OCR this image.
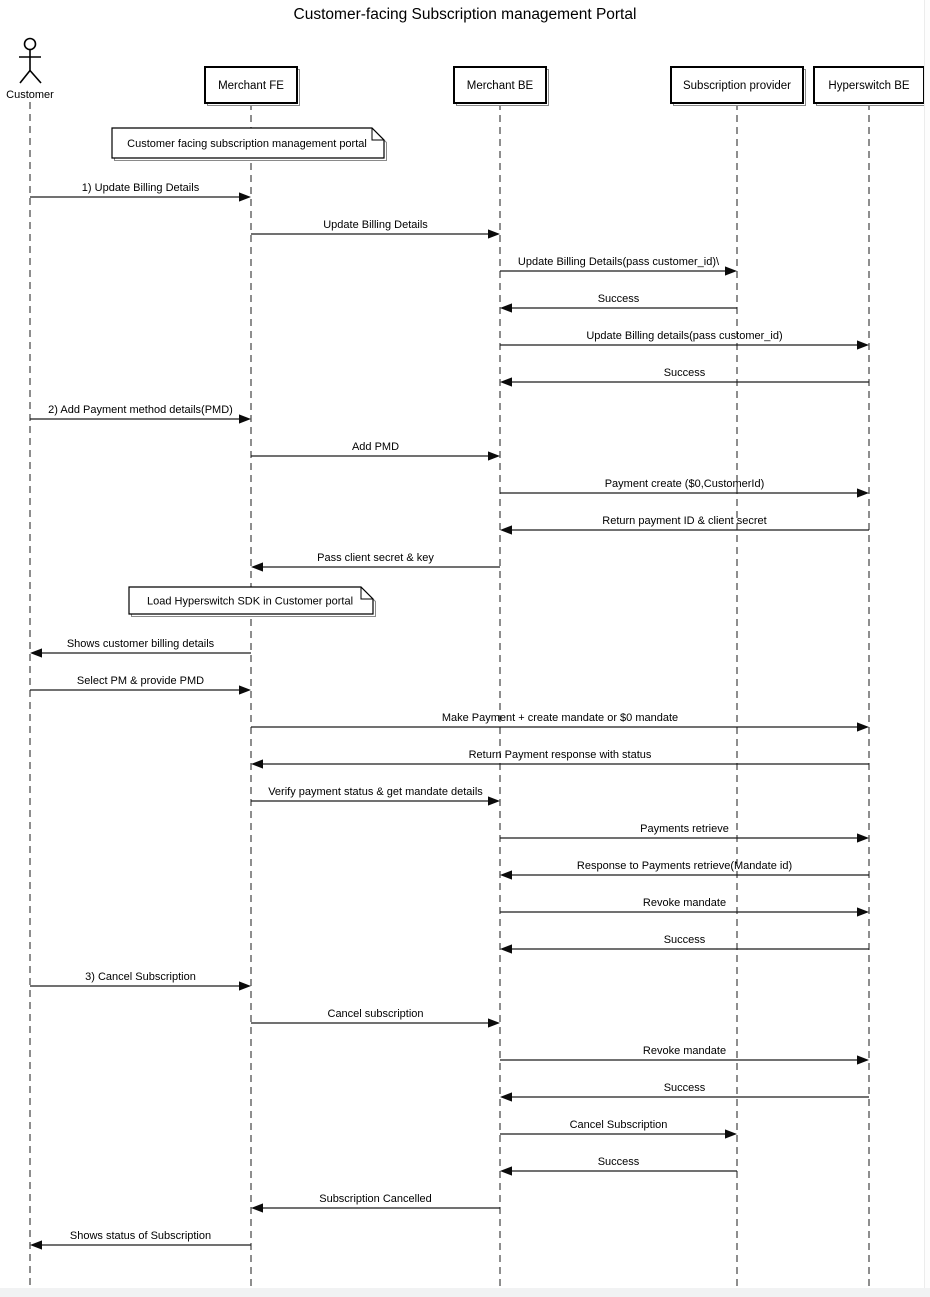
Customer-facing Subscription management Portal
Customer facing subscription management portal
Load Hyperswitch SDK in Customer portal
Customer
Merchant FE	Merchant BE	Subscription provider	Hyperswitch BE
1) Update Billing Details
Update Billing Details
Update Billing Details(pass customer_id)\
Success
Update Billing details(pass customer_id)
Success
2) Add Payment method details(PMD)
Add PMD
Payment create ($0,CustomerId)
Return payment ID & client secret
Pass client secret & key
Shows customer billing details
Select PM & provide PMD
Make Payment + create mandate or $0 mandate
Return Payment response with status
Verify payment status & get mandate details
Payments retrieve
Response to Payments retrieve(Mandate id)
Revoke mandate
Success
3) Cancel Subscription
Cancel subscription
Revoke mandate
Success
Cancel Subscription
Success
Subscription Cancelled
Shows status of Subscription
